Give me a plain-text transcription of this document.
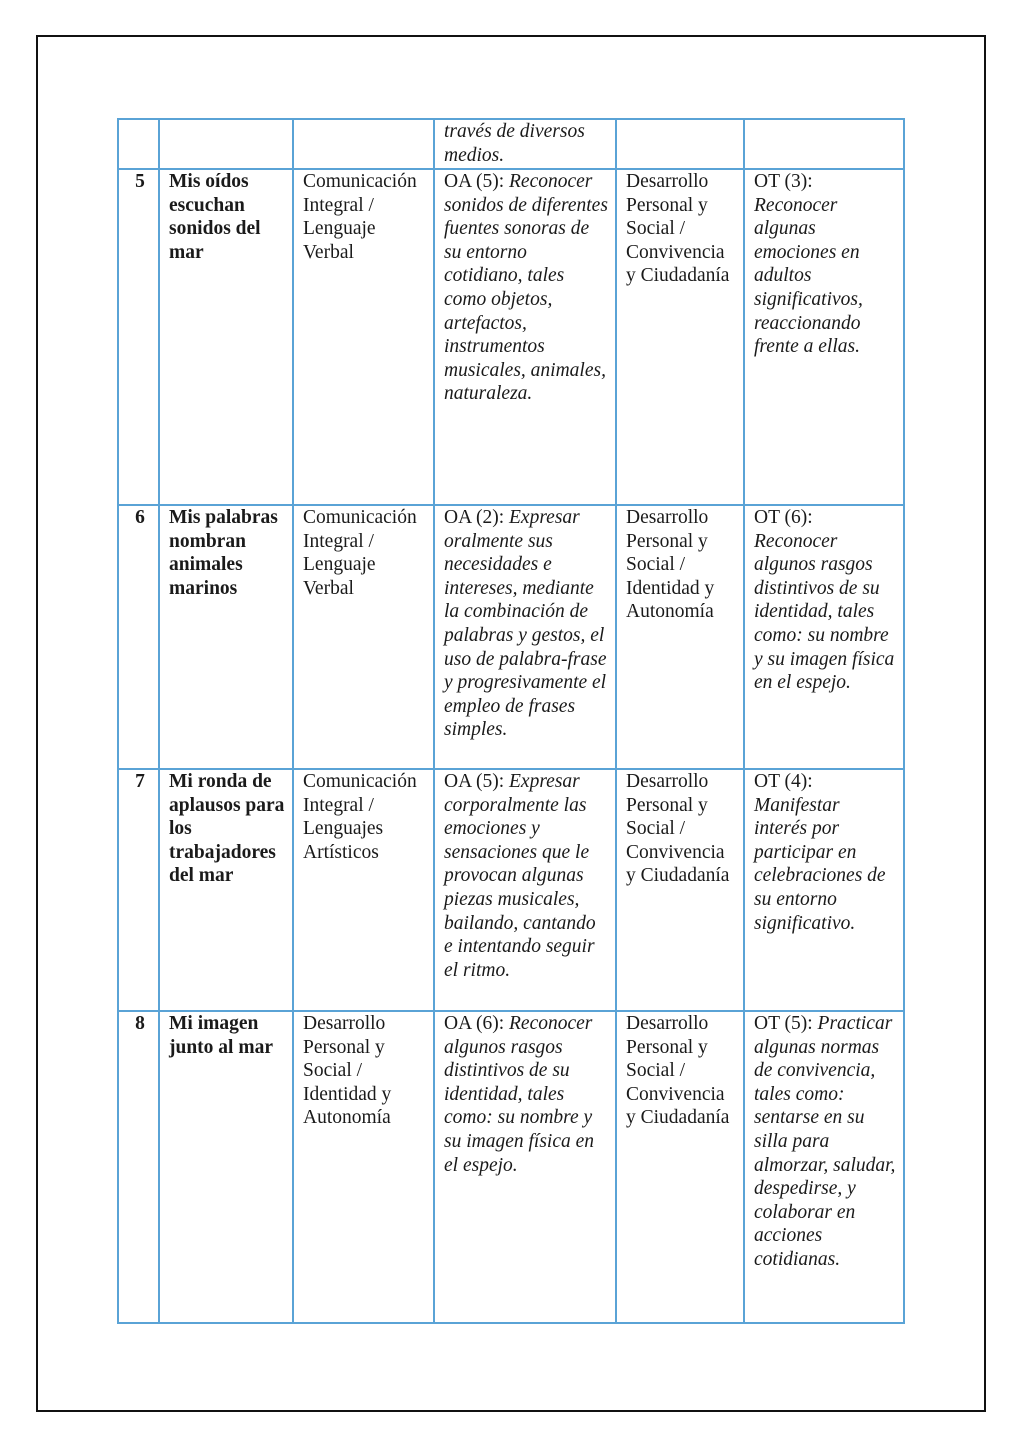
			través de diversos medios.		
5	Mis oídos escuchan sonidos del mar	Comunicación Integral / Lenguaje Verbal	OA (5): Reconocer sonidos de diferentes fuentes sonoras de su entorno cotidiano, tales como objetos, artefactos, instrumentos musicales, animales, naturaleza.	Desarrollo Personal y Social / Convivencia y Ciudadanía	OT (3): Reconocer algunas emociones en adultos significativos, reaccionando frente a ellas.
6	Mis palabras nombran animales marinos	Comunicación Integral / Lenguaje Verbal	OA (2): Expresar oralmente sus necesidades e intereses, mediante la combinación de palabras y gestos, el uso de palabra-frase y progresivamente el empleo de frases simples.	Desarrollo Personal y Social / Identidad y Autonomía	OT (6): Reconocer algunos rasgos distintivos de su identidad, tales como: su nombre y su imagen física en el espejo.
7	Mi ronda de aplausos para los trabajadores del mar	Comunicación Integral / Lenguajes Artísticos	OA (5): Expresar corporalmente las emociones y sensaciones que le provocan algunas piezas musicales, bailando, cantando e intentando seguir el ritmo.	Desarrollo Personal y Social / Convivencia y Ciudadanía	OT (4): Manifestar interés por participar en celebraciones de su entorno significativo.
8	Mi imagen junto al mar	Desarrollo Personal y Social / Identidad y Autonomía	OA (6): Reconocer algunos rasgos distintivos de su identidad, tales como: su nombre y su imagen física en el espejo.	Desarrollo Personal y Social / Convivencia y Ciudadanía	OT (5): Practicar algunas normas de convivencia, tales como: sentarse en su silla para almorzar, saludar, despedirse, y colaborar en acciones cotidianas.
